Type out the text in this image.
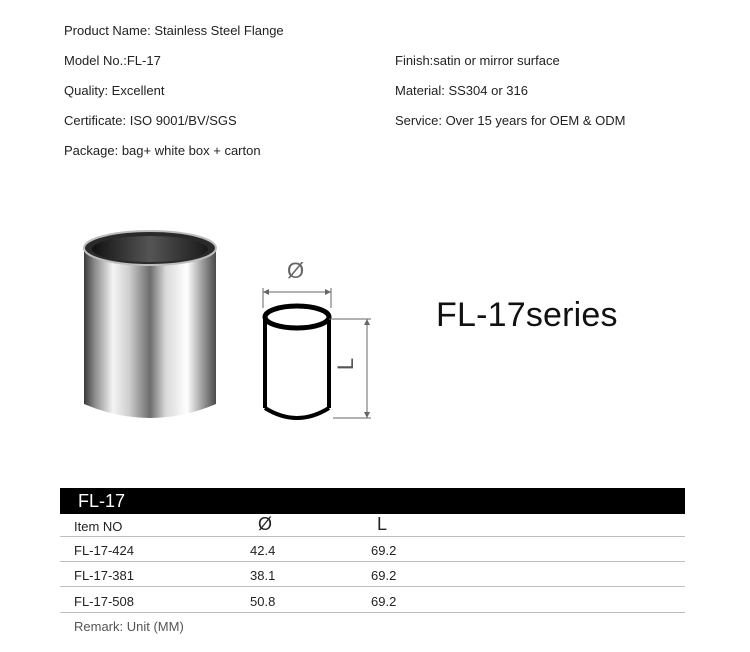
Product Name: Stainless Steel Flange
Model No.:FL-17
Quality: Excellent
Certificate: ISO 9001/BV/SGS
Package: bag+ white box + carton
Finish:satin or mirror surface
Material: SS304 or 316
Service: Over 15 years for OEM & ODM
Ø
L
FL-17series
FL-17
Item NO	Ø	L
FL-17-424	42.4	69.2
FL-17-381	38.1	69.2
FL-17-508	50.8	69.2
Remark: Unit (MM)
